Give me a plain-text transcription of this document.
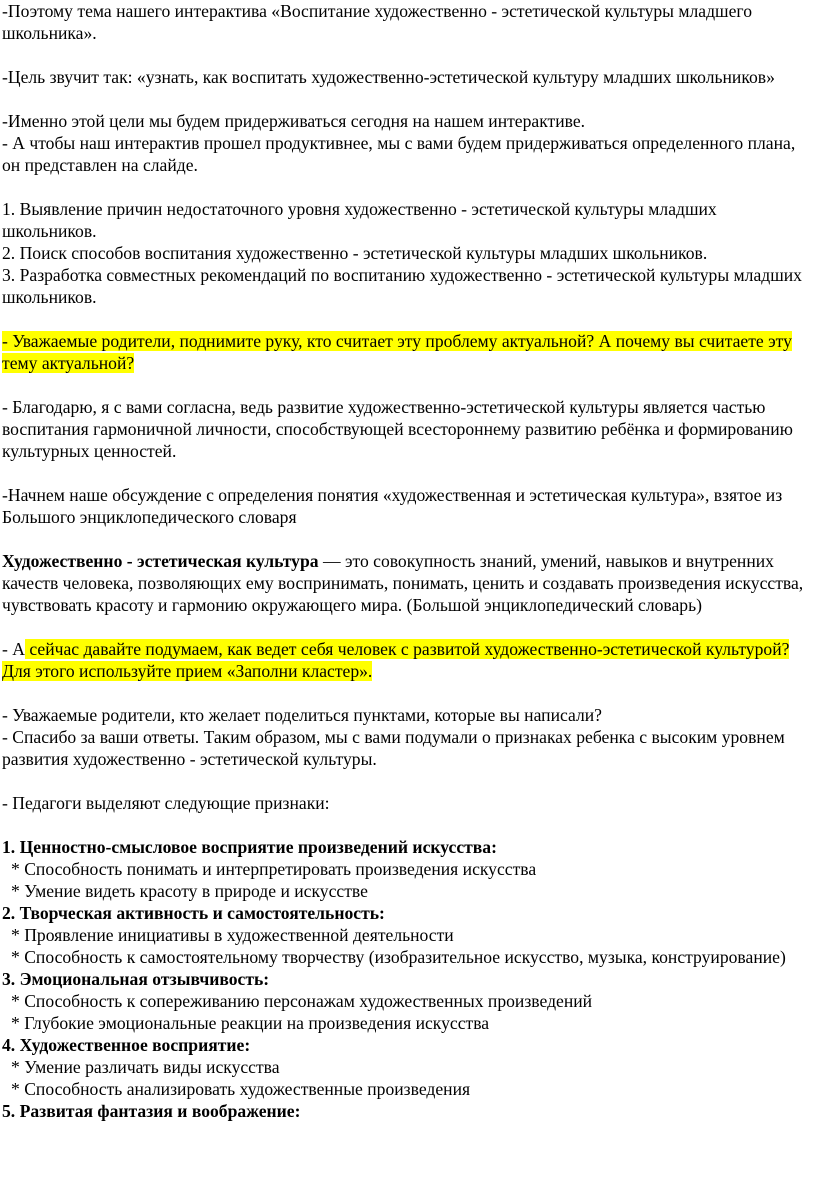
-Поэтому тема нашего интерактива «Воспитание художественно - эстетической культуры младшего школьника».

-Цель звучит так: «узнать, как воспитать художественно-эстетической культуру младших школьников»

-Именно этой цели мы будем придерживаться сегодня на нашем интерактиве.

- А чтобы наш интерактив прошел продуктивнее, мы с вами будем придерживаться определенного плана, он представлен на слайде.

1. Выявление причин недостаточного уровня художественно - эстетической культуры младших школьников.

2. Поиск способов воспитания художественно - эстетической культуры младших школьников.

3. Разработка совместных рекомендаций по воспитанию художественно - эстетической культуры младших школьников.

- Уважаемые родители, поднимите руку, кто считает эту проблему актуальной? А почему вы считаете эту тему актуальной?

- Благодарю, я с вами согласна, ведь развитие художественно-эстетической культуры является частью воспитания гармоничной личности, способствующей всестороннему развитию ребёнка и формированию культурных ценностей.

-Начнем наше обсуждение с определения понятия «художественная и эстетическая культура», взятое из Большого энциклопедического словаря

Художественно - эстетическая культура — это совокупность знаний, умений, навыков и внутренних качеств человека, позволяющих ему воспринимать, понимать, ценить и создавать произведения искусства, чувствовать красоту и гармонию окружающего мира. (Большой энциклопедический словарь)

- А сейчас давайте подумаем, как ведет себя человек с развитой художественно-эстетической культурой?

Для этого используйте прием «Заполни кластер».

- Уважаемые родители, кто желает поделиться пунктами, которые вы написали?

- Спасибо за ваши ответы. Таким образом, мы с вами подумали о признаках ребенка с высоким уровнем развития художественно - эстетической культуры.

- Педагоги выделяют следующие признаки:

1. Ценностно-смысловое восприятие произведений искусства:

* Способность понимать и интерпретировать произведения искусства

* Умение видеть красоту в природе и искусстве

2. Творческая активность и самостоятельность:

* Проявление инициативы в художественной деятельности

* Способность к самостоятельному творчеству (изобразительное искусство, музыка, конструирование)

3. Эмоциональная отзывчивость:

* Способность к сопереживанию персонажам художественных произведений

* Глубокие эмоциональные реакции на произведения искусства

4. Художественное восприятие:

* Умение различать виды искусства

* Способность анализировать художественные произведения

5. Развитая фантазия и воображение:
